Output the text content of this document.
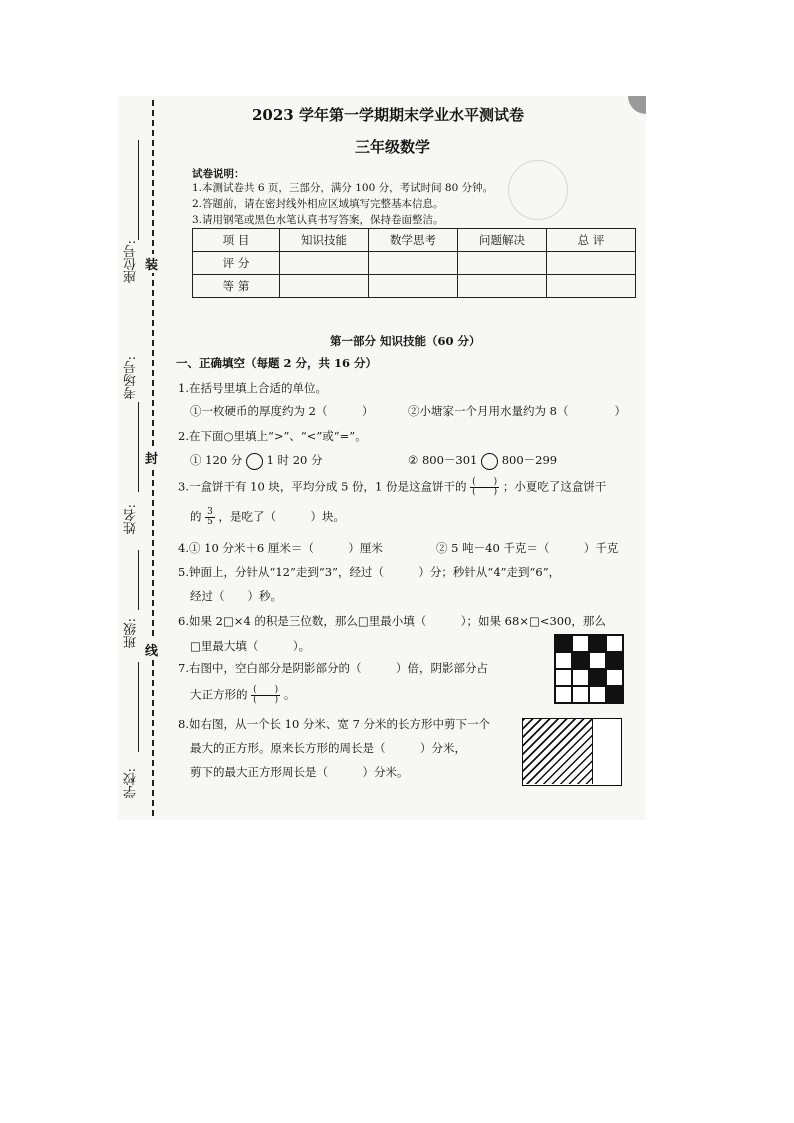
座位号:
考场号:
姓名:
班级:
学校:
装
封
线
2023 学年第一学期期末学业水平测试卷
三年级数学
试卷说明：
1.本测试卷共 6 页，三部分，满分 100 分，考试时间 80 分钟。
2.答题前，请在密封线外相应区域填写完整基本信息。
3.请用钢笔或黑色水笔认真书写答案，保持卷面整洁。
项 目	知识技能	数学思考	问题解决	总 评
评 分				
等 第				
第一部分 知识技能（60 分）
一、正确填空（每题 2 分，共 16 分）
1.在括号里填上合适的单位。
①一枚硬币的厚度约为 2（　　　）	②小塘家一个月用水量约为 8（　　　　）
2.在下面○里填上“>”、“<”或“=”。
① 120 分 1 时 20 分	② 800－301 800－299
3.一盒饼干有 10 块，平均分成 5 份，1 份是这盒饼干的 $\frac{( )}{( )}$ ；小夏吃了这盒饼干
的 $\frac{3}{5}$ ，是吃了（　　　）块。
4.① 10 分米＋6 厘米＝（　　　）厘米	② 5 吨－40 千克＝（　　　）千克
5.钟面上，分针从“12”走到“3”，经过（　　　）分；秒针从“4”走到“6”，
经过（　　）秒。
6.如果 2□×4 的积是三位数，那么□里最小填（　　　）；如果 68×□<300，那么
□里最大填（　　　）。
7.右图中，空白部分是阴影部分的（　　　）倍，阴影部分占
大正方形的 $\frac{( )}{( )}$ 。
8.如右图，从一个长 10 分米、宽 7 分米的长方形中剪下一个
最大的正方形。原来长方形的周长是（　　　）分米，
剪下的最大正方形周长是（　　　）分米。
